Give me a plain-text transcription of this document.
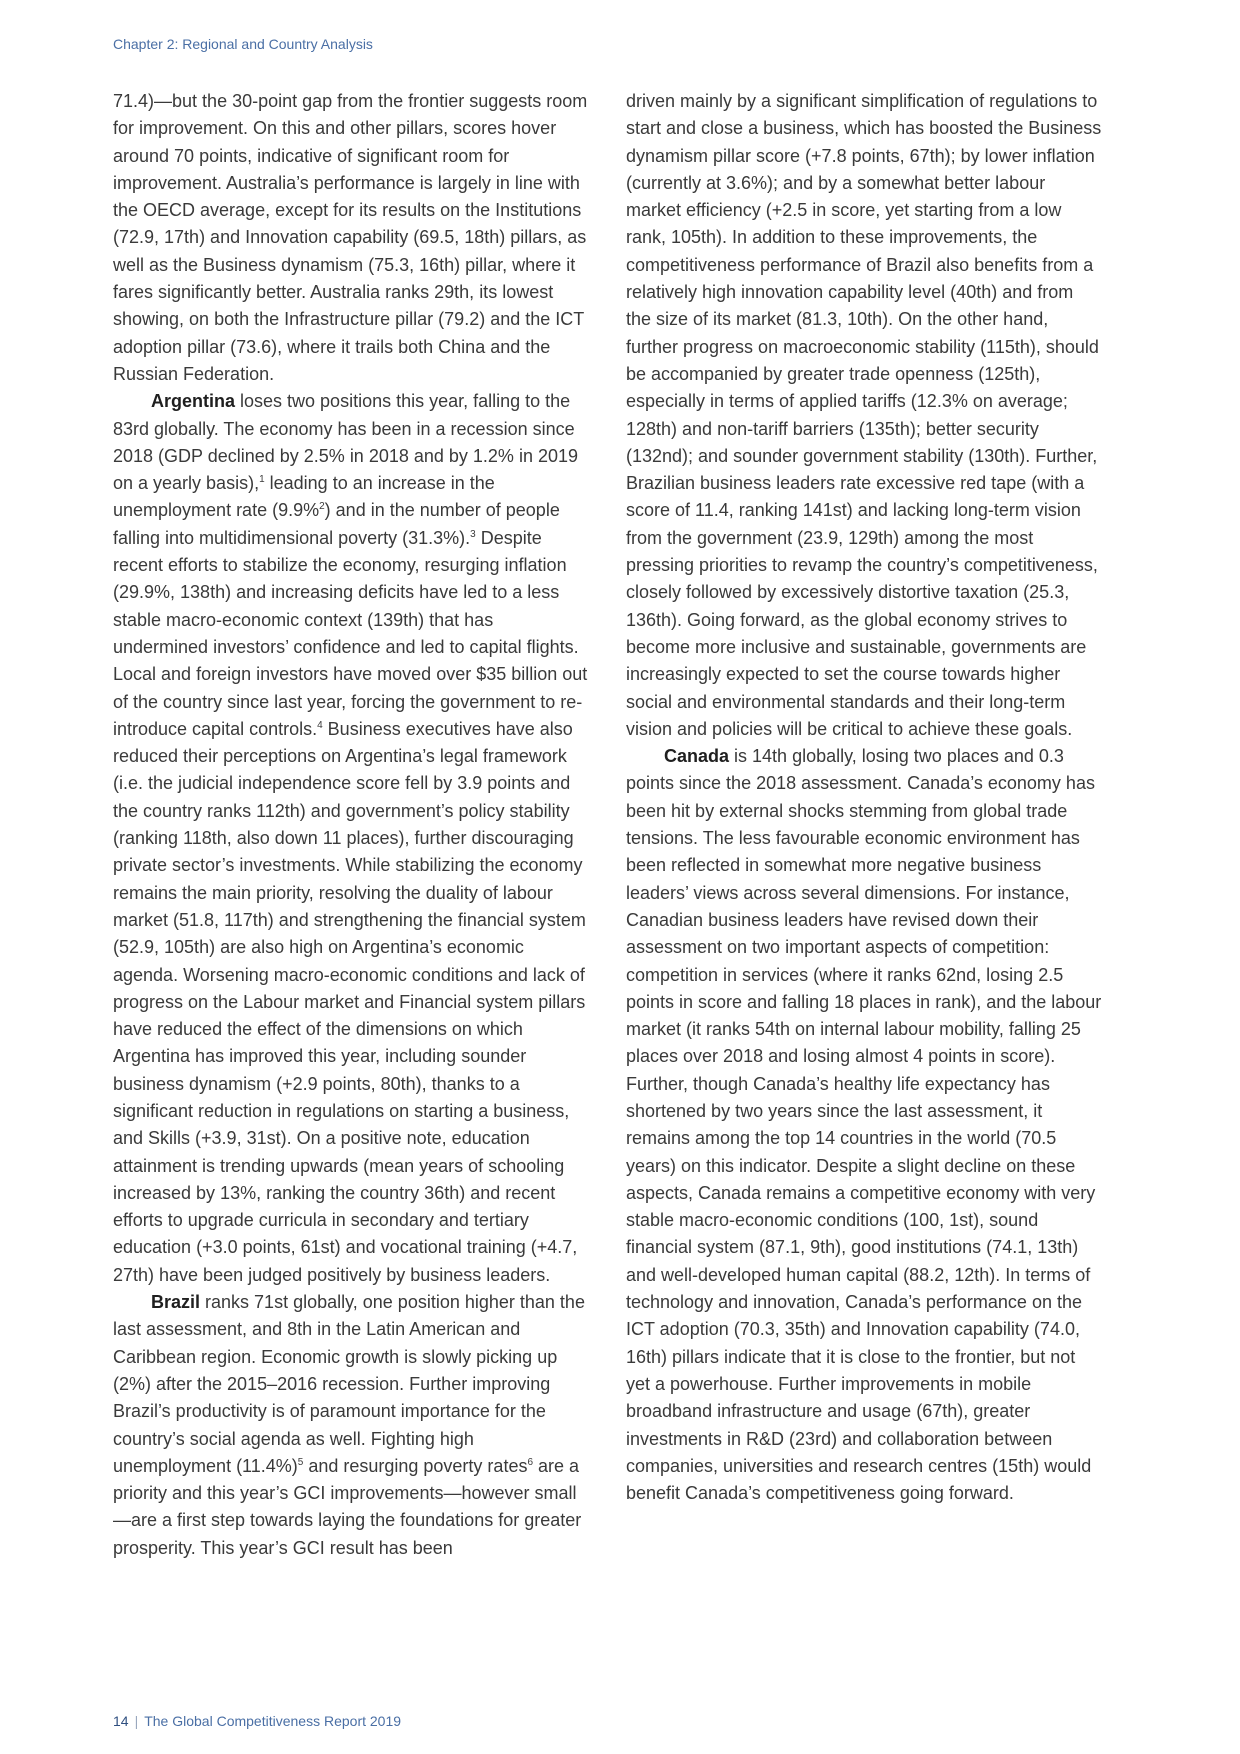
Chapter 2: Regional and Country Analysis

71.4)—but the 30-point gap from the frontier suggests room for improvement. On this and other pillars, scores hover around 70 points, indicative of significant room for improvement. Australia’s performance is largely in line with the OECD average, except for its results on the Institutions (72.9, 17th) and Innovation capability (69.5, 18th) pillars, as well as the Business dynamism (75.3, 16th) pillar, where it fares significantly better. Australia ranks 29th, its lowest showing, on both the Infrastructure pillar (79.2) and the ICT adoption pillar (73.6), where it trails both China and the Russian Federation.

Argentina loses two positions this year, falling to the 83rd globally. The economy has been in a recession since 2018 (GDP declined by 2.5% in 2018 and by 1.2% in 2019 on a yearly basis),$^1$ leading to an increase in the unemployment rate (9.9%$^2$) and in the number of people falling into multidimensional poverty (31.3%).$^3$ Despite recent efforts to stabilize the economy, resurging inflation (29.9%, 138th) and increasing deficits have led to a less stable macro-economic context (139th) that has undermined investors’ confidence and led to capital flights. Local and foreign investors have moved over $35 billion out of the country since last year, forcing the government to re-introduce capital controls.$^4$ Business executives have also reduced their perceptions on Argentina’s legal framework (i.e. the judicial independence score fell by 3.9 points and the country ranks 112th) and government’s policy stability (ranking 118th, also down 11 places), further discouraging private sector’s investments. While stabilizing the economy remains the main priority, resolving the duality of labour market (51.8, 117th) and strengthening the financial system (52.9, 105th) are also high on Argentina’s economic agenda. Worsening macro-economic conditions and lack of progress on the Labour market and Financial system pillars have reduced the effect of the dimensions on which Argentina has improved this year, including sounder business dynamism (+2.9 points, 80th), thanks to a significant reduction in regulations on starting a business, and Skills (+3.9, 31st). On a positive note, education attainment is trending upwards (mean years of schooling increased by 13%, ranking the country 36th) and recent efforts to upgrade curricula in secondary and tertiary education (+3.0 points, 61st) and vocational training (+4.7, 27th) have been judged positively by business leaders.

Brazil ranks 71st globally, one position higher than the last assessment, and 8th in the Latin American and Caribbean region. Economic growth is slowly picking up (2%) after the 2015–2016 recession. Further improving Brazil’s productivity is of paramount importance for the country’s social agenda as well. Fighting high unemployment $(11.4\%)^5$ and resurging poverty rates$^6$ are a priority and this year’s GCI improvements—however small—are a first step towards laying the foundations for greater prosperity. This year’s GCI result has been

driven mainly by a significant simplification of regulations to start and close a business, which has boosted the Business dynamism pillar score (+7.8 points, 67th); by lower inflation (currently at 3.6%); and by a somewhat better labour market efficiency (+2.5 in score, yet starting from a low rank, 105th). In addition to these improvements, the competitiveness performance of Brazil also benefits from a relatively high innovation capability level (40th) and from the size of its market (81.3, 10th). On the other hand, further progress on macroeconomic stability (115th), should be accompanied by greater trade openness (125th), especially in terms of applied tariffs (12.3% on average; 128th) and non-tariff barriers (135th); better security (132nd); and sounder government stability (130th). Further, Brazilian business leaders rate excessive red tape (with a score of 11.4, ranking 141st) and lacking long-term vision from the government (23.9, 129th) among the most pressing priorities to revamp the country’s competitiveness, closely followed by excessively distortive taxation (25.3, 136th). Going forward, as the global economy strives to become more inclusive and sustainable, governments are increasingly expected to set the course towards higher social and environmental standards and their long-term vision and policies will be critical to achieve these goals.

Canada is 14th globally, losing two places and 0.3 points since the 2018 assessment. Canada’s economy has been hit by external shocks stemming from global trade tensions. The less favourable economic environment has been reflected in somewhat more negative business leaders’ views across several dimensions. For instance, Canadian business leaders have revised down their assessment on two important aspects of competition: competition in services (where it ranks 62nd, losing 2.5 points in score and falling 18 places in rank), and the labour market (it ranks 54th on internal labour mobility, falling 25 places over 2018 and losing almost 4 points in score). Further, though Canada’s healthy life expectancy has shortened by two years since the last assessment, it remains among the top 14 countries in the world (70.5 years) on this indicator. Despite a slight decline on these aspects, Canada remains a competitive economy with very stable macro-economic conditions (100, 1st), sound financial system (87.1, 9th), good institutions (74.1, 13th) and well-developed human capital (88.2, 12th). In terms of technology and innovation, Canada’s performance on the ICT adoption (70.3, 35th) and Innovation capability (74.0, 16th) pillars indicate that it is close to the frontier, but not yet a powerhouse. Further improvements in mobile broadband infrastructure and usage (67th), greater investments in R&D (23rd) and collaboration between companies, universities and research centres (15th) would benefit Canada’s competitiveness going forward.

14 | The Global Competitiveness Report 2019
